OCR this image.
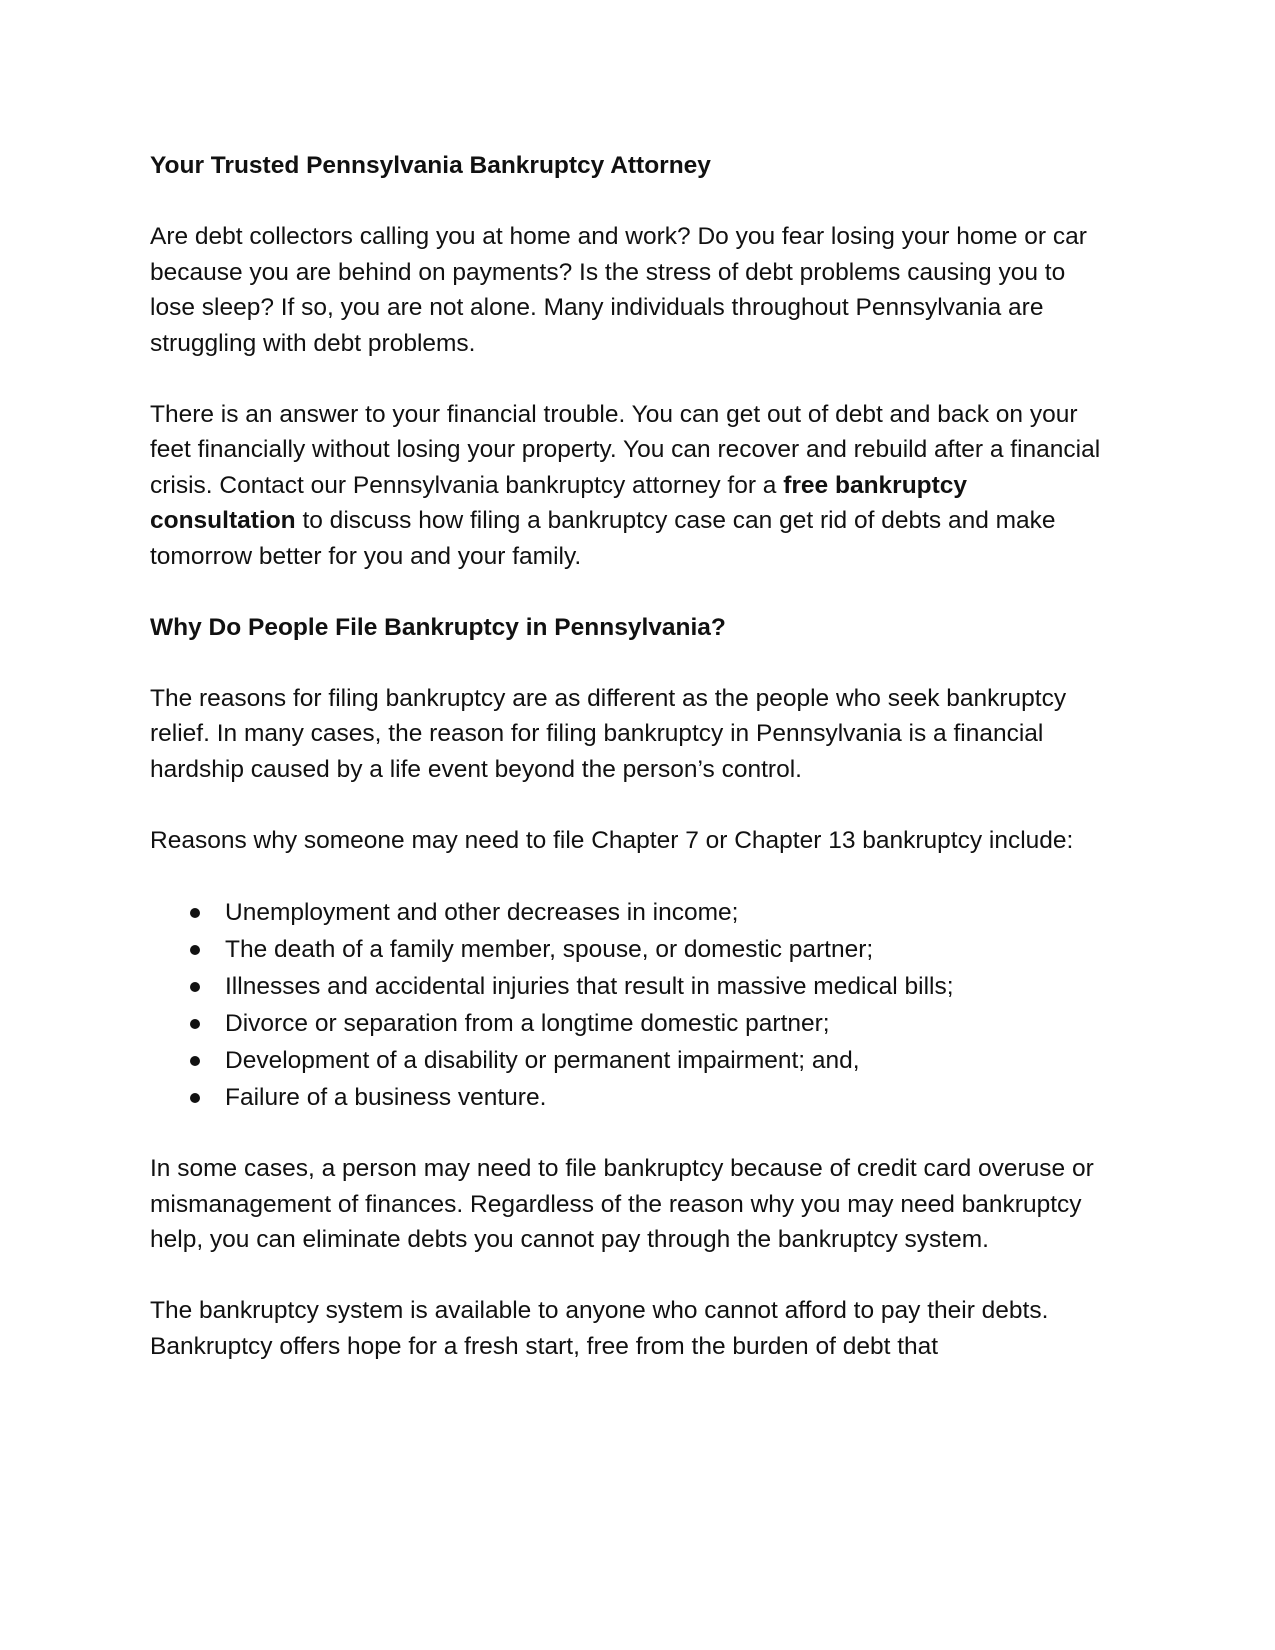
Your Trusted Pennsylvania Bankruptcy Attorney

Are debt collectors calling you at home and work? Do you fear losing your home or car because you are behind on payments? Is the stress of debt problems causing you to lose sleep? If so, you are not alone. Many individuals throughout Pennsylvania are struggling with debt problems.

There is an answer to your financial trouble. You can get out of debt and back on your feet financially without losing your property. You can recover and rebuild after a financial crisis. Contact our Pennsylvania bankruptcy attorney for a free bankruptcy consultation to discuss how filing a bankruptcy case can get rid of debts and make tomorrow better for you and your family.

Why Do People File Bankruptcy in Pennsylvania?

The reasons for filing bankruptcy are as different as the people who seek bankruptcy relief. In many cases, the reason for filing bankruptcy in Pennsylvania is a financial hardship caused by a life event beyond the person’s control.

Reasons why someone may need to file Chapter 7 or Chapter 13 bankruptcy include:

Unemployment and other decreases in income;
The death of a family member, spouse, or domestic partner;
Illnesses and accidental injuries that result in massive medical bills;
Divorce or separation from a longtime domestic partner;
Development of a disability or permanent impairment; and,
Failure of a business venture.

In some cases, a person may need to file bankruptcy because of credit card overuse or mismanagement of finances. Regardless of the reason why you may need bankruptcy help, you can eliminate debts you cannot pay through the bankruptcy system.

The bankruptcy system is available to anyone who cannot afford to pay their debts. Bankruptcy offers hope for a fresh start, free from the burden of debt that
